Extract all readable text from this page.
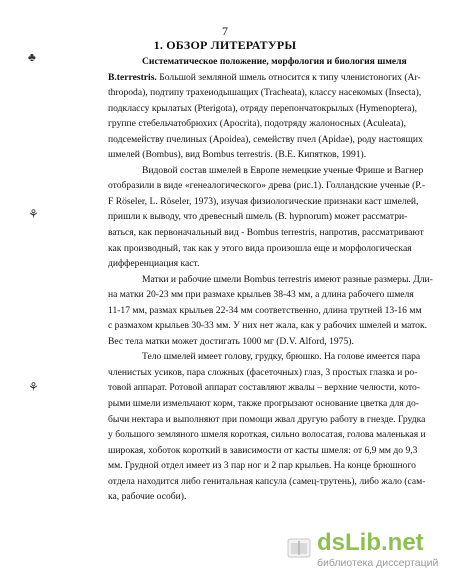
7
1. ОБЗОР ЛИТЕРАТУРЫ
♣
⚘
⚘

Систематическое положение, морфология и биология шмеля
B.terrestris. Большой земляной шмель относится к типу членистоногих (Ar-
thropoda), подтипу трахеиодышащих (Tracheata), классу насекомых (Insecta),
подклассу крылатых (Pterigota), отряду перепончатокрылых (Hymenoptera),
группе стебельчатобрюхих (Apocrita), подотряду жалоносных (Aculeata),
подсемейству пчелиных (Apoidea), семейству пчел (Apidae), роду настоящих
шмелей (Bombus), вид Bombus terrestris. (В.Е. Кипятков, 1991).

Видовой состав шмелей в Европе немецкие ученые Фрише и Вагнер
отобразили в виде «генеалогического» древа (рис.1). Голландские ученые (P.-
F Röseler, L. Röseler, 1973), изучая физиологические признаки каст шмелей,
пришли к выводу, что древесный шмель (B. hypnorum) может рассматри-
ваться, как первоначальный вид - Bombus terrestris, напротив, рассматривают
как производный, так как у этого вида произошла еще и морфологическая
дифференциация каст.

Матки и рабочие шмели Bombus terrestris имеют разные размеры. Дли-
на матки 20-23 мм при размахе крыльев 38-43 мм, а длина рабочего шмеля
11-17 мм, размах крыльев 22-34 мм соответственно, длина трутней 13-16 мм
с размахом крыльев 30-33 мм. У них нет жала, как у рабочих шмелей и маток.
Вес тела матки может достигать 1000 мг (D.V. Alford, 1975).

Тело шмелей имеет голову, грудку, брюшко. На голове имеется пара
членистых усиков, пара сложных (фасеточных) глаз, 3 простых глазка и ро-
товой аппарат. Ротовой аппарат составляют жвалы – верхние челюсти, кото-
рыми шмели измельчают корм, также прогрызают основание цветка для до-
бычи нектара и выполняют при помощи жвал другую работу в гнезде. Грудка
у большого земляного шмеля короткая, сильно волосатая, голова маленькая и
широкая, хоботок короткий в зависимости от касты шмеля: от 6,9 мм до 9,3
мм. Грудной отдел имеет из 3 пар ног и 2 пар крыльев. На конце брюшного
отдела находится либо генитальная капсула (самец-трутень), либо жало (сам-
ка, рабочие особи).

dsLib.net
библиотека диссертаций
